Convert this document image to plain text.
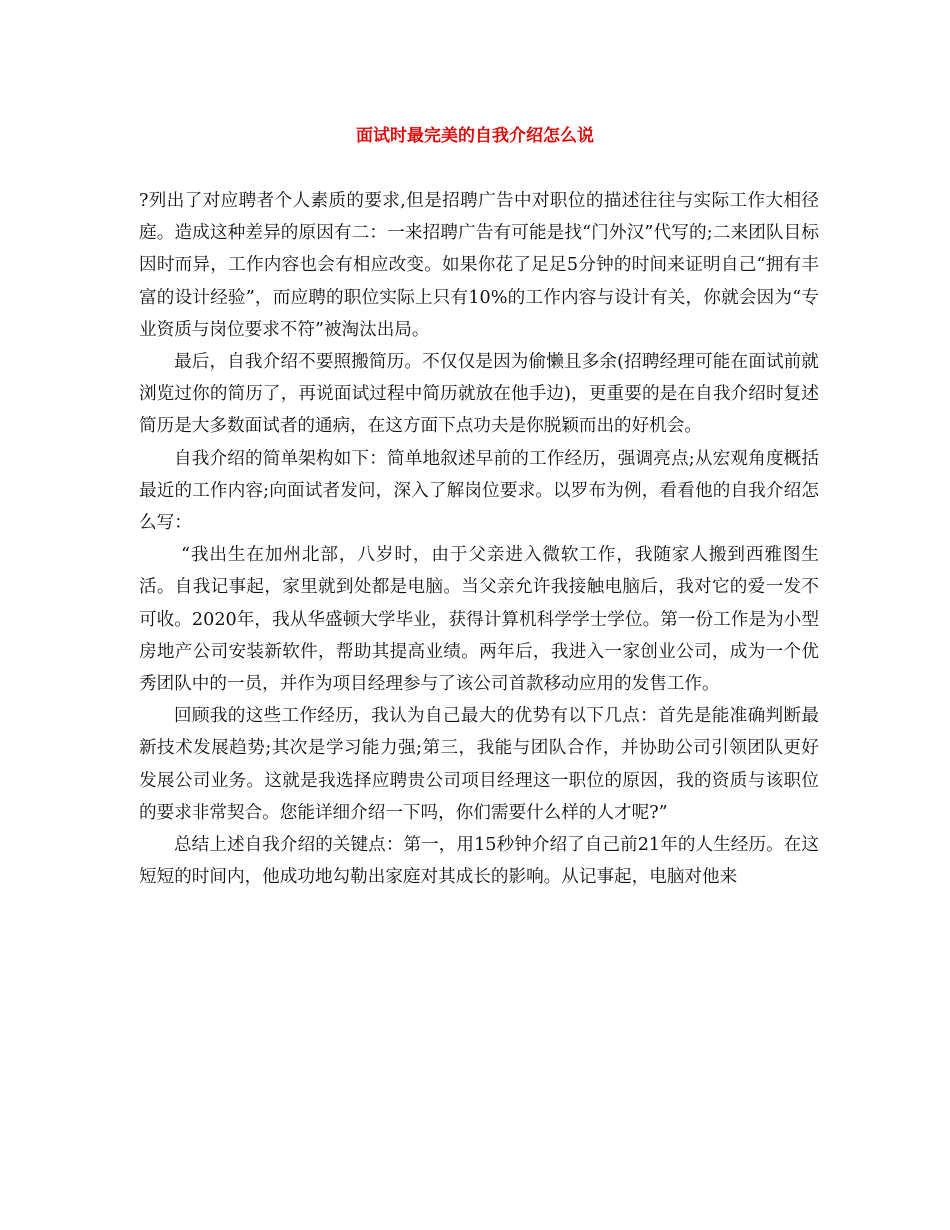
面试时最完美的自我介绍怎么说

?列出了对应聘者个人素质的要求,但是招聘广告中对职位的描述往往与实际工作大相径庭。造成这种差异的原因有二：一来招聘广告有可能是找“门外汉”代写的;二来团队目标因时而异，工作内容也会有相应改变。如果你花了足足5分钟的时间来证明自己“拥有丰富的设计经验”，而应聘的职位实际上只有10%的工作内容与设计有关，你就会因为“专业资质与岗位要求不符”被淘汰出局。

最后，自我介绍不要照搬简历。不仅仅是因为偷懒且多余(招聘经理可能在面试前就浏览过你的简历了，再说面试过程中简历就放在他手边)，更重要的是在自我介绍时复述简历是大多数面试者的通病，在这方面下点功夫是你脱颖而出的好机会。

自我介绍的简单架构如下：简单地叙述早前的工作经历，强调亮点;从宏观角度概括最近的工作内容;向面试者发问，深入了解岗位要求。以罗布为例，看看他的自我介绍怎么写：

“我出生在加州北部，八岁时，由于父亲进入微软工作，我随家人搬到西雅图生活。自我记事起，家里就到处都是电脑。当父亲允许我接触电脑后，我对它的爱一发不可收。2020年，我从华盛顿大学毕业，获得计算机科学学士学位。第一份工作是为小型房地产公司安装新软件，帮助其提高业绩。两年后，我进入一家创业公司，成为一个优秀团队中的一员，并作为项目经理参与了该公司首款移动应用的发售工作。

回顾我的这些工作经历，我认为自己最大的优势有以下几点：首先是能准确判断最新技术发展趋势;其次是学习能力强;第三，我能与团队合作，并协助公司引领团队更好发展公司业务。这就是我选择应聘贵公司项目经理这一职位的原因，我的资质与该职位的要求非常契合。您能详细介绍一下吗，你们需要什么样的人才呢?”

总结上述自我介绍的关键点：第一，用15秒钟介绍了自己前21年的人生经历。在这短短的时间内，他成功地勾勒出家庭对其成长的影响。从记事起，电脑对他来
